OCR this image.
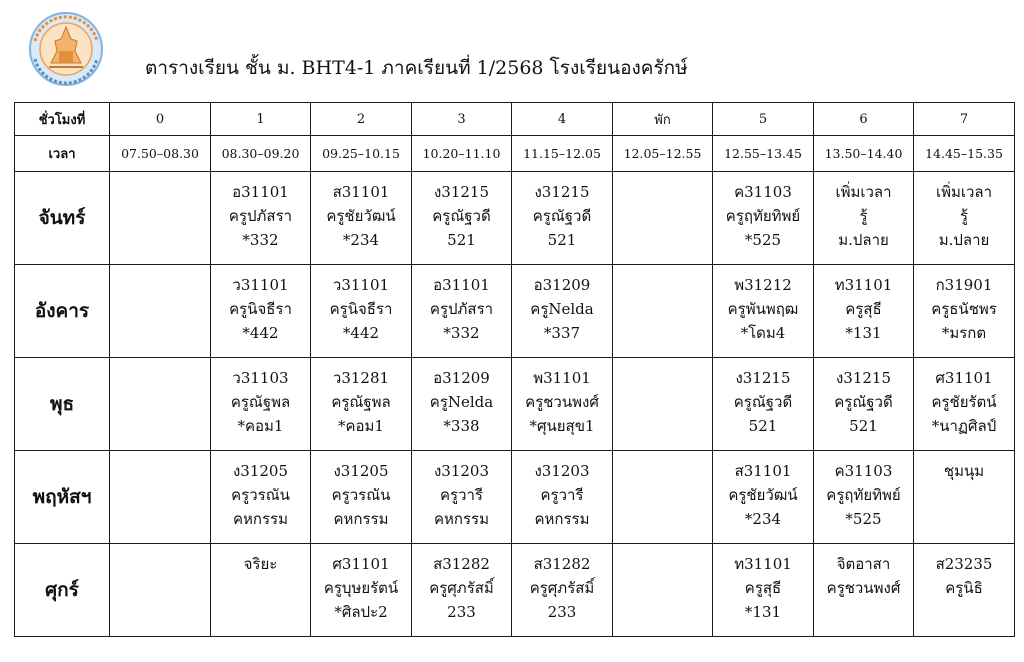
ตารางเรียน ชั้น ม. BHT4-1 ภาคเรียนที่ 1/2568 โรงเรียนองครักษ์
ชั่วโมงที่	0	1	2	3	4	พัก	5	6	7
เวลา	07.50–08.30	08.30–09.20	09.25–10.15	10.20–11.10	11.15–12.05	12.05–12.55	12.55–13.45	13.50–14.40	14.45–15.35
จันทร์		อ31101
ครูปภัสรา
*332	ส31101
ครูชัยวัฒน์
*234	ง31215
ครูณัฐวดี
521	ง31215
ครูณัฐวดี
521		ค31103
ครูฤทัยทิพย์
*525	เพิ่มเวลา
รู้
ม.ปลาย	เพิ่มเวลา
รู้
ม.ปลาย

อังคาร		ว31101
ครูนิจธีรา
*442	ว31101
ครูนิจธีรา
*442	อ31101
ครูปภัสรา
*332	อ31209
ครูNelda
*337		พ31212
ครูพันพฤฒ
*โดม4	ท31101
ครูสุธี
*131	ก31901
ครูธนัชพร
*มรกต

พุธ		ว31103
ครูณัฐพล
*คอม1	ว31281
ครูณัฐพล
*คอม1	อ31209
ครูNelda
*338	พ31101
ครูชวนพงศ์
*ศุนยสุข1		ง31215
ครูณัฐวดี
521	ง31215
ครูณัฐวดี
521	ศ31101
ครูชัยรัตน์
*นาฏศิลป์

พฤหัสฯ		ง31205
ครูวรณัน
คหกรรม	ง31205
ครูวรณัน
คหกรรม	ง31203
ครูวารี
คหกรรม	ง31203
ครูวารี
คหกรรม		ส31101
ครูชัยวัฒน์
*234	ค31103
ครูฤทัยทิพย์
*525	ชุมนุม

ศุกร์		จริยะ	ศ31101
ครูบุษยรัตน์
*ศิลปะ2	ส31282
ครูศุภรัสมิ์
233	ส31282
ครูศุภรัสมิ์
233		ท31101
ครูสุธี
*131	จิตอาสา
ครูชวนพงศ์	ส23235
ครูนิธิ
